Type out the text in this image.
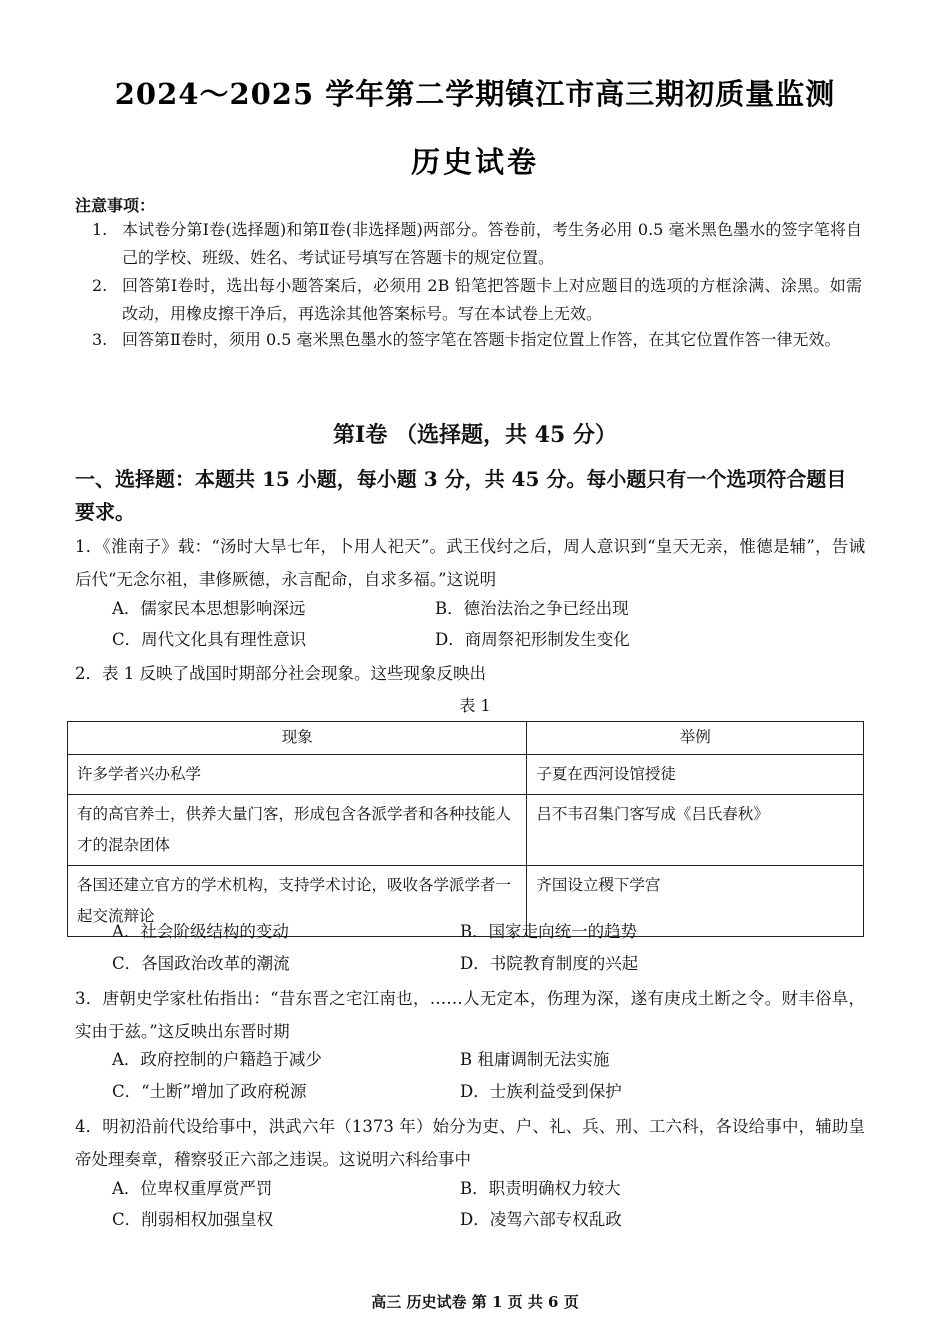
2024～2025 学年第二学期镇江市高三期初质量监测
历史试卷
注意事项：
1. 本试卷分第Ⅰ卷(选择题)和第Ⅱ卷(非选择题)两部分。答卷前，考生务必用 0.5 毫米黑色墨水的签字笔将自己的学校、班级、姓名、考试证号填写在答题卡的规定位置。
2. 回答第Ⅰ卷时，选出每小题答案后，必须用 2B 铅笔把答题卡上对应题目的选项的方框涂满、涂黑。如需改动，用橡皮擦干净后，再选涂其他答案标号。写在本试卷上无效。
3. 回答第Ⅱ卷时，须用 0.5 毫米黑色墨水的签字笔在答题卡指定位置上作答，在其它位置作答一律无效。
第Ⅰ卷 （选择题，共 45 分）
一、选择题：本题共 15 小题，每小题 3 分，共 45 分。每小题只有一个选项符合题目要求。
1．《淮南子》载：“汤时大旱七年，卜用人祀天”。武王伐纣之后，周人意识到“皇天无亲，惟德是辅”，告诫后代“无念尔祖，聿修厥德，永言配命，自求多福。”这说明
A．儒家民本思想影响深远	B．德治法治之争已经出现
C．周代文化具有理性意识	D．商周祭祀形制发生变化
2．表 1 反映了战国时期部分社会现象。这些现象反映出
表 1
现象	举例
许多学者兴办私学	子夏在西河设馆授徒
有的高官养士，供养大量门客，形成包含各派学者和各种技能人才的混杂团体	吕不韦召集门客写成《吕氏春秋》
各国还建立官方的学术机构，支持学术讨论，吸收各学派学者一起交流辩论	齐国设立稷下学宫
A．社会阶级结构的变动	B．国家走向统一的趋势
C．各国政治改革的潮流	D．书院教育制度的兴起
3．唐朝史学家杜佑指出：“昔东晋之宅江南也，……人无定本，伤理为深，遂有庚戌土断之令。财丰俗阜，实由于兹。”这反映出东晋时期
A．政府控制的户籍趋于减少	B 租庸调制无法实施
C．“土断”增加了政府税源	D．士族利益受到保护
4．明初沿前代设给事中，洪武六年（1373 年）始分为吏、户、礼、兵、刑、工六科，各设给事中，辅助皇帝处理奏章，稽察驳正六部之违误。这说明六科给事中
A．位卑权重厚赏严罚	B．职责明确权力较大
C．削弱相权加强皇权	D．凌驾六部专权乱政
高三 历史试卷 第 1 页 共 6 页
